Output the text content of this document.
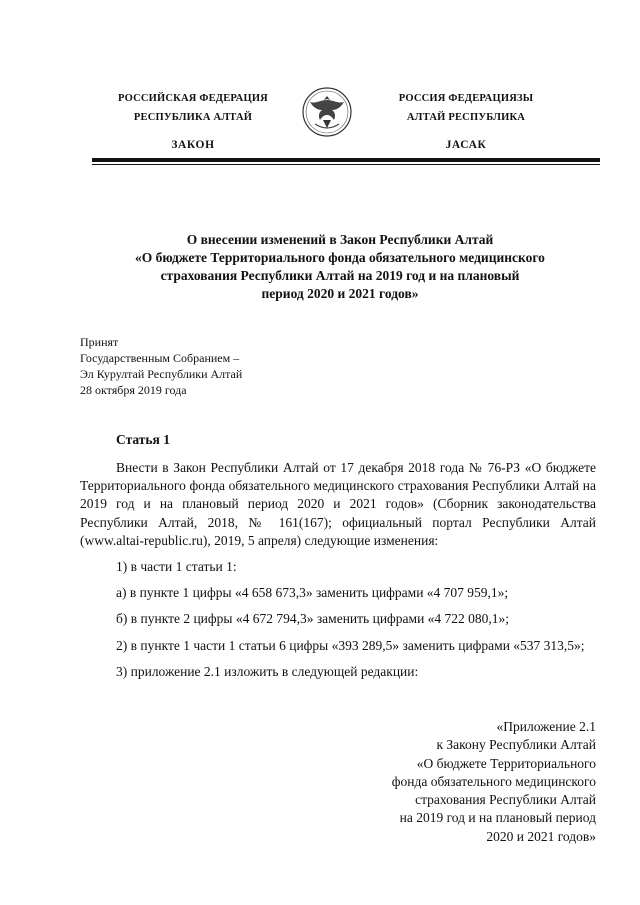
РОССИЙСКАЯ ФЕДЕРАЦИЯ
РЕСПУБЛИКА АЛТАЙ
ЗАКОН
РОССИЯ ФЕДЕРАЦИЯЗЫ
АЛТАЙ РЕСПУБЛИКА
JАСАК
О внесении изменений в Закон Республики Алтай
«О бюджете Территориального фонда обязательного медицинского
страхования Республики Алтай на 2019 год и на плановый
период 2020 и 2021 годов»
Принят
Государственным Собранием –
Эл Курултай Республики Алтай
28 октября 2019 года
Статья 1

Внести в Закон Республики Алтай от 17 декабря 2018 года № 76-РЗ «О бюджете Территориального фонда обязательного медицинского страхования Республики Алтай на 2019 год и на плановый период 2020 и 2021 годов» (Сборник законодательства Республики Алтай, 2018, № 161(167); официальный портал Республики Алтай (www.altai-republic.ru), 2019, 5 апреля) следующие изменения:

1) в части 1 статьи 1:

а) в пункте 1 цифры «4 658 673,3» заменить цифрами «4 707 959,1»;

б) в пункте 2 цифры «4 672 794,3» заменить цифрами «4 722 080,1»;

2) в пункте 1 части 1 статьи 6 цифры «393 289,5» заменить цифрами «537 313,5»;

3) приложение 2.1 изложить в следующей редакции:

«Приложение 2.1
к Закону Республики Алтай
«О бюджете Территориального
фонда обязательного медицинского
страхования Республики Алтай
на 2019 год и на плановый период
2020 и 2021 годов»
